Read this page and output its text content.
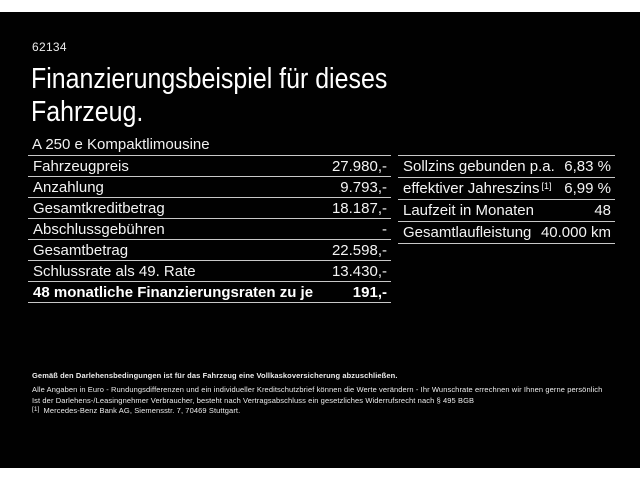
62134
Finanzierungsbeispiel für dieses
Fahrzeug.
A 250 e Kompaktlimousine
Fahrzeugpreis	27.980,-
Anzahlung	9.793,-
Gesamtkreditbetrag	18.187,-
Abschlussgebühren	-
Gesamtbetrag	22.598,-
Schlussrate als 49. Rate	13.430,-
48 monatliche Finanzierungsraten zu je	191,-
Sollzins gebunden p.a. 6,83 %
effektiver Jahreszins [1] 6,99 %
Laufzeit in Monaten	48
Gesamtlaufleistung 40.000 km
Gemäß den Darlehensbedingungen ist für das Fahrzeug eine Vollkaskoversicherung abzuschließen.
Alle Angaben in Euro - Rundungsdifferenzen und ein individueller Kreditschutzbrief können die Werte verändern - Ihr Wunschrate errechnen wir Ihnen gerne persönlich
Ist der Darlehens-/Leasingnehmer Verbraucher, besteht nach Vertragsabschluss ein gesetzliches Widerrufsrecht nach § 495 BGB
[1] Mercedes-Benz Bank AG, Siemensstr. 7, 70469 Stuttgart.
